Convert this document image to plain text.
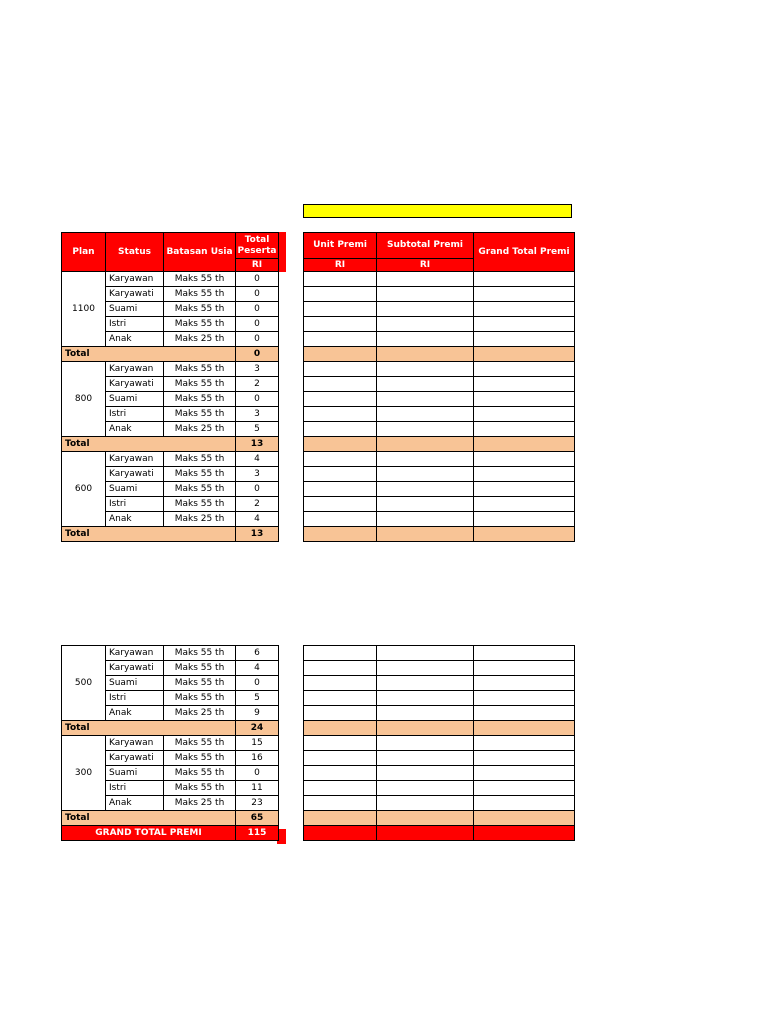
Plan	Status	Batasan Usia	Total
Peserta

			RI
1100	Karyawan	Maks 55 th	0
	Karyawati	Maks 55 th	0
	Suami	Maks 55 th	0
	Istri	Maks 55 th	0
	Anak	Maks 25 th	0
Total			0
800	Karyawan	Maks 55 th	3
	Karyawati	Maks 55 th	2
	Suami	Maks 55 th	0
	Istri	Maks 55 th	3
	Anak	Maks 25 th	5
Total			13
600	Karyawan	Maks 55 th	4
	Karyawati	Maks 55 th	3
	Suami	Maks 55 th	0
	Istri	Maks 55 th	2
	Anak	Maks 25 th	4
Total			13
Unit Premi	Subtotal Premi	Grand Total Premi
RI	RI	

500	Karyawan	Maks 55 th	6
	Karyawati	Maks 55 th	4
	Suami	Maks 55 th	0
	Istri	Maks 55 th	5
	Anak	Maks 25 th	9
Total			24
300	Karyawan	Maks 55 th	15
	Karyawati	Maks 55 th	16
	Suami	Maks 55 th	0
	Istri	Maks 55 th	11
	Anak	Maks 25 th	23
Total			65
GRAND TOTAL PREMI			115
